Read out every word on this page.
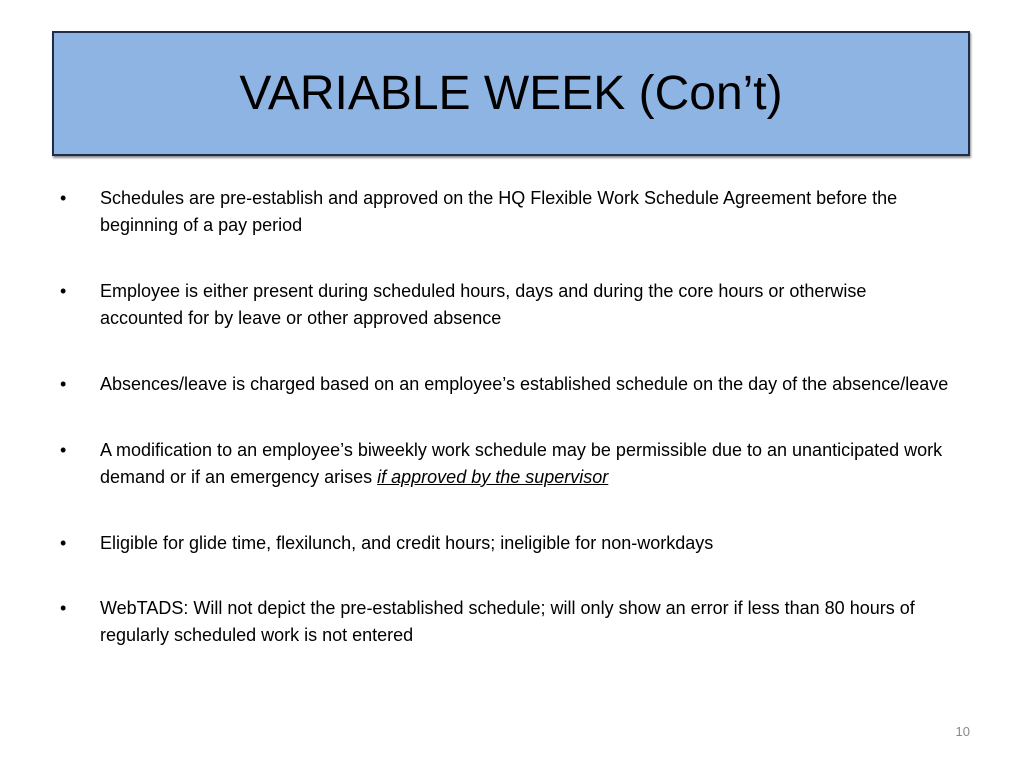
VARIABLE WEEK (Con’t)
•	Schedules are pre-establish and approved on the HQ Flexible Work Schedule Agreement before the beginning of a pay period
•	Employee is either present during scheduled hours, days and during the core hours or otherwise accounted for by leave or other approved absence
•	Absences/leave is charged based on an employee’s established schedule on the day of the absence/leave
•	A modification to an employee’s biweekly work schedule may be permissible due to an unanticipated work demand or if an emergency arises if approved by the supervisor
•	Eligible for glide time, flexilunch, and credit hours; ineligible for non-workdays
•	WebTADS: Will not depict the pre-established schedule; will only show an error if less than 80 hours of regularly scheduled work is not entered
10
